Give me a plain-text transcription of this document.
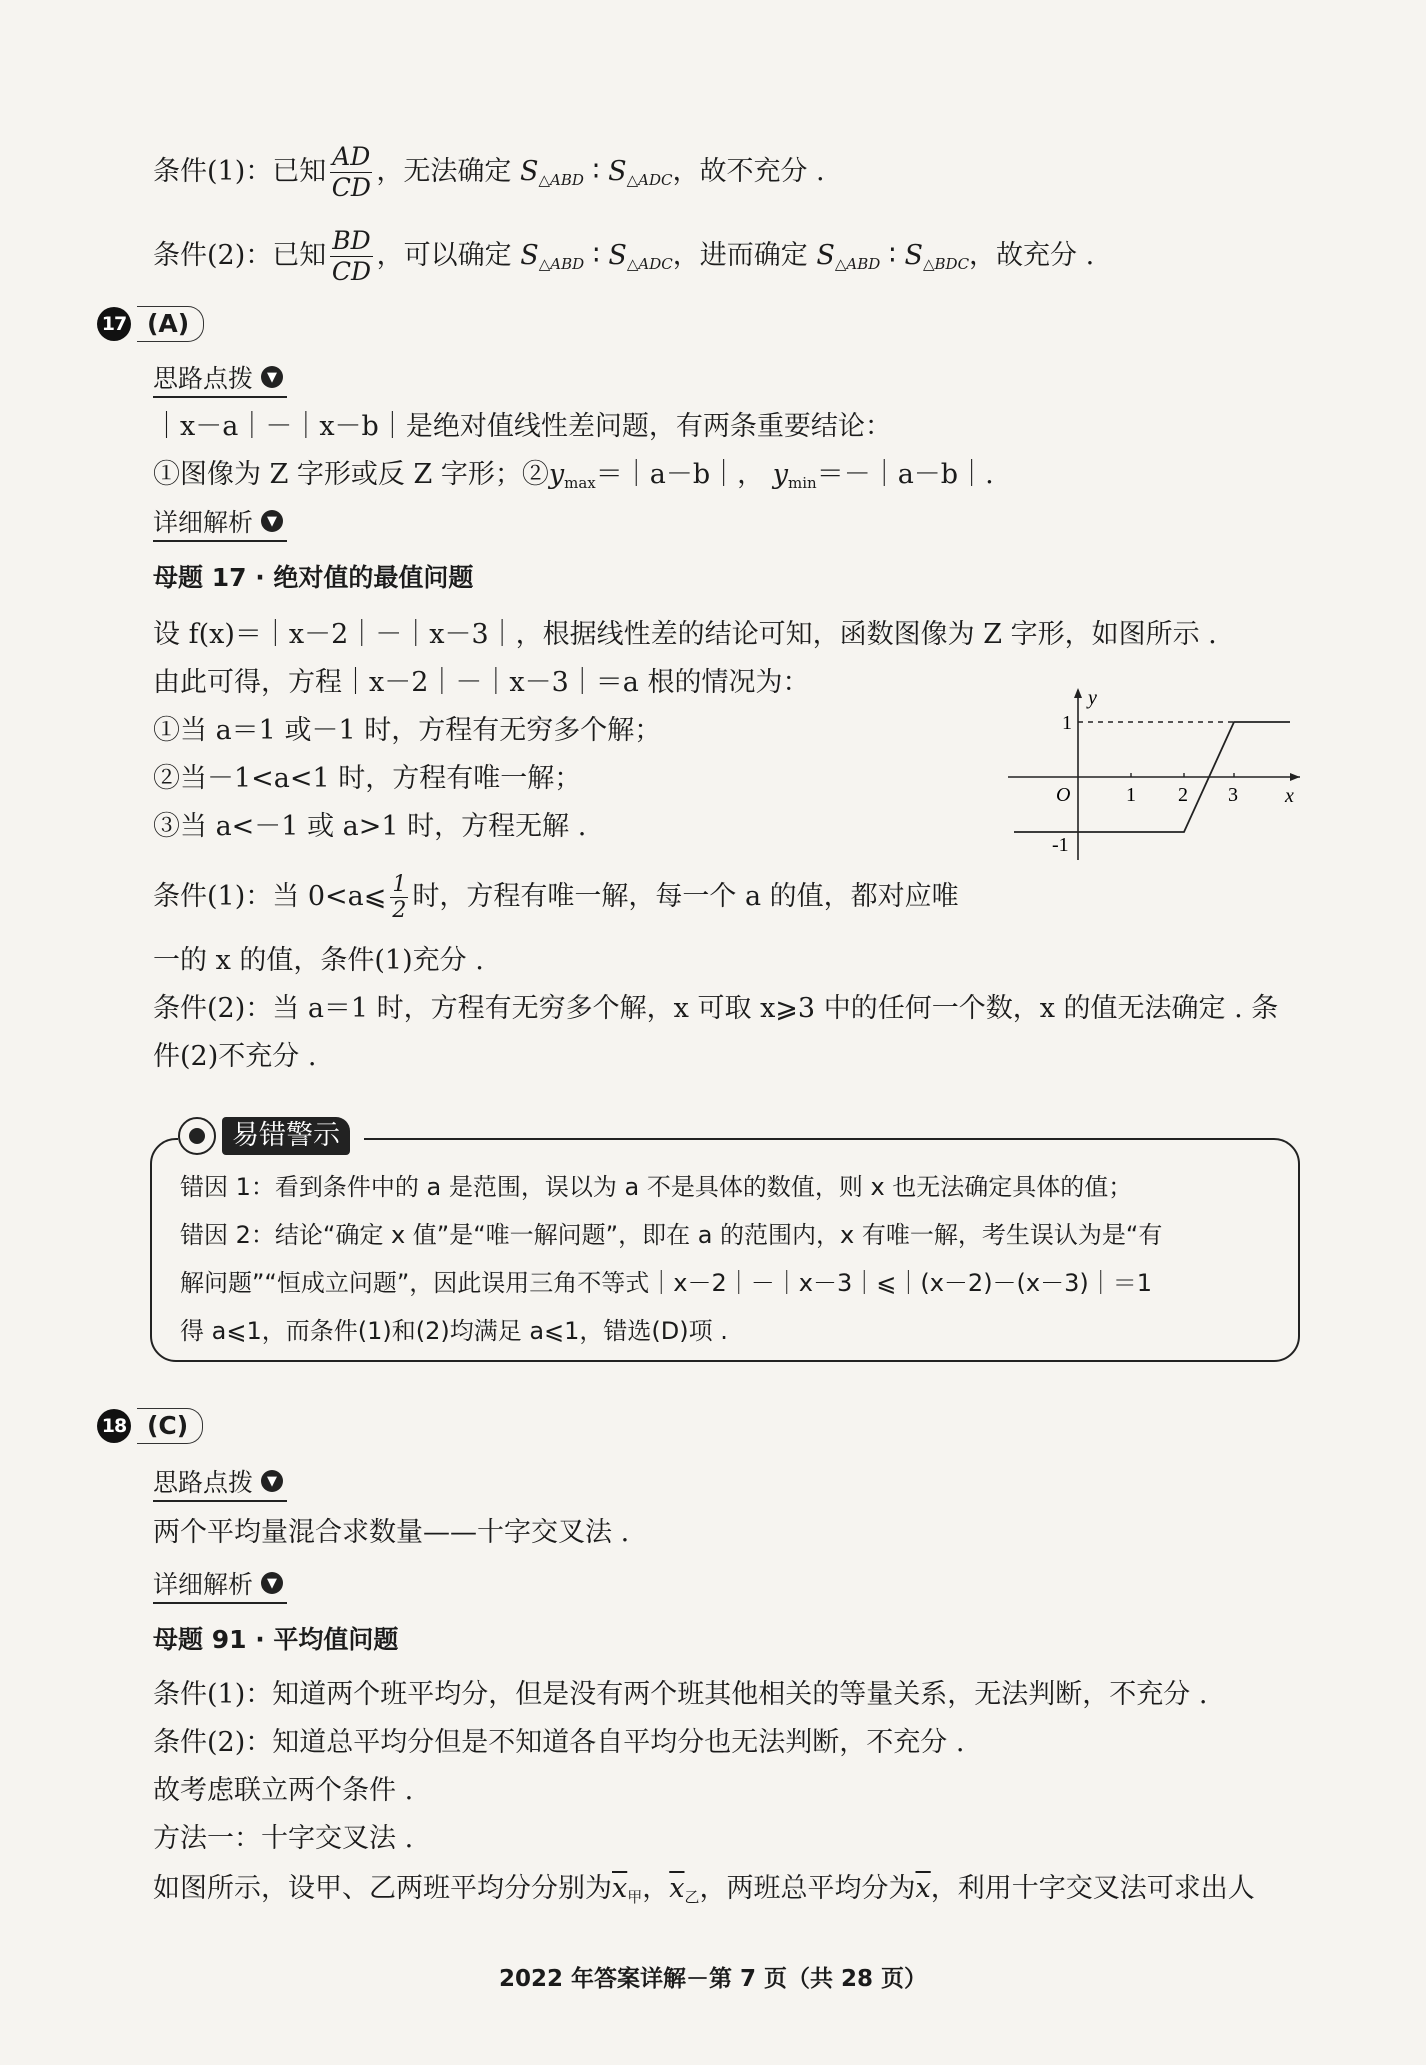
条件(1)：已知 $\frac{AD}{CD}$ ，无法确定 $S_{\triangle ABD}$ ∶ $S_{\triangle ADC}$，故不充分 .
条件(2)：已知 $\frac{BD}{CD}$ ，可以确定 $S_{\triangle ABD}$ ∶ $S_{\triangle ADC}$，进而确定 $S_{\triangle ABD}$ ∶ $S_{\triangle BDC}$，故充分 .
17 (A)
思路点拨	▼
｜x－a｜－｜x－b｜是绝对值线性差问题，有两条重要结论：
①图像为 Z 字形或反 Z 字形；$②y_{max}=|a-b|$， $y_{min}=-|a-b|$.
详细解析	▼
母题 17 · 绝对值的最值问题
设 f(x)＝｜x－2｜－｜x－3｜，根据线性差的结论可知，函数图像为 Z 字形，如图所示 .
由此可得，方程｜x－2｜－｜x－3｜＝a 根的情况为：
①当 a＝1 或－1 时，方程有无穷多个解；
②当－1<a<1 时，方程有唯一解；
③当 a<－1 或 a>1 时，方程无解 .
y
x
O	1 2 3
1
-1
条件(1)：当 0<a⩽ $\frac{1}{2}$ 时，方程有唯一解，每一个 a 的值，都对应唯
一的 x 的值，条件(1)充分 .
条件(2)：当 a＝1 时，方程有无穷多个解，x 可取 x⩾3 中的任何一个数，x 的值无法确定 . 条
件(2)不充分 .
易错警示
错因 1：看到条件中的 a 是范围，误以为 a 不是具体的数值，则 x 也无法确定具体的值；
错因 2：结论“确定 x 值”是“唯一解问题”，即在 a 的范围内，x 有唯一解，考生误认为是“有
解问题”“恒成立问题”，因此误用三角不等式｜x－2｜－｜x－3｜⩽｜(x－2)－(x－3)｜＝1
得 a⩽1，而条件(1)和(2)均满足 a⩽1，错选(D)项 .
18 (C)
思路点拨	▼
两个平均量混合求数量——十字交叉法 .
详细解析	▼
母题 91 · 平均值问题
条件(1)：知道两个班平均分，但是没有两个班其他相关的等量关系，无法判断，不充分 .
条件(2)：知道总平均分但是不知道各自平均分也无法判断，不充分 .
故考虑联立两个条件 .
方法一：十字交叉法 .
如图所示，设甲、乙两班平均分分别为$\overline{x}_甲$，$\overline{x}_乙$，两班总平均分为$\overline{x}$，利用十字交叉法可求出人
2022 年答案详解－第 7 页（共 28 页）
